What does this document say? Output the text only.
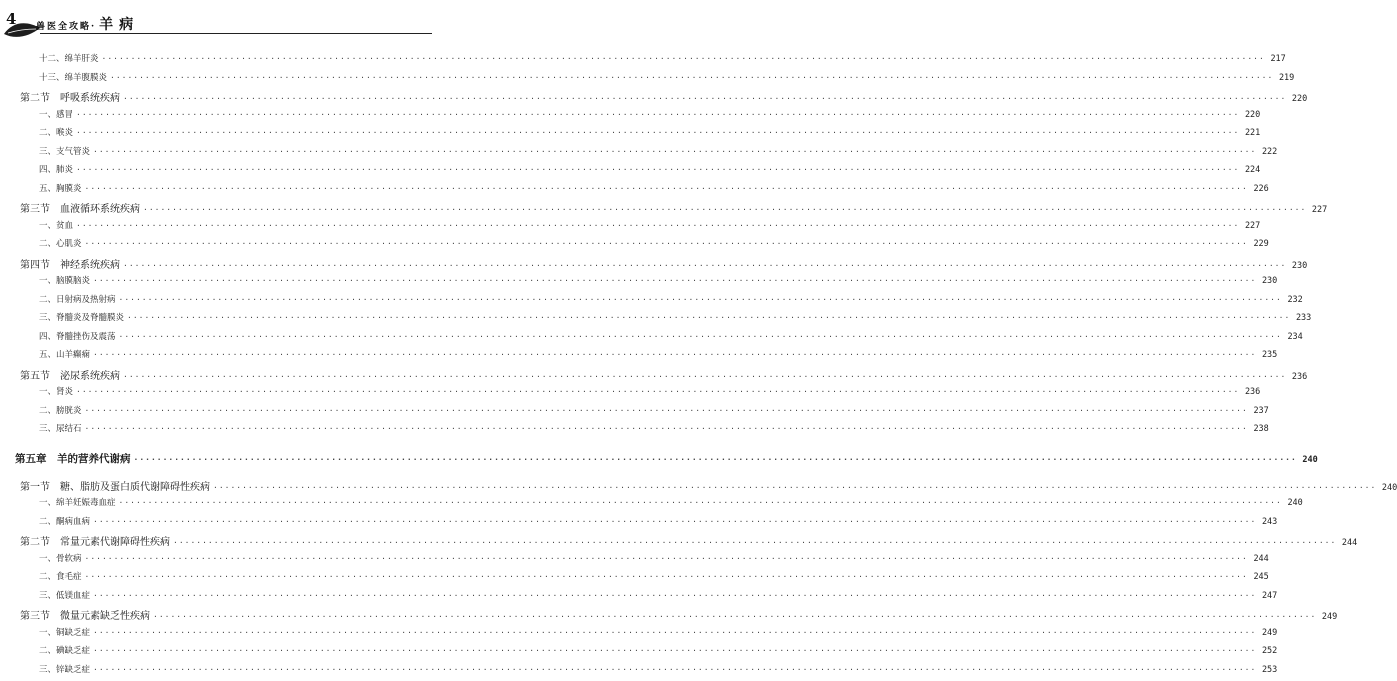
4 兽医全攻略· 羊病
十二、绵羊肝炎 ········································································································································································································ 217
十三、绵羊腹膜炎 ········································································································································································································ 219
第二节　呼吸系统疾病 ········································································································································································································ 220
一、感冒 ········································································································································································································ 220
二、喉炎 ········································································································································································································ 221
三、支气管炎 ········································································································································································································ 222
四、肺炎 ········································································································································································································ 224
五、胸膜炎 ········································································································································································································ 226
第三节　血液循环系统疾病 ········································································································································································································ 227
一、贫血 ········································································································································································································ 227
二、心肌炎 ········································································································································································································ 229
第四节　神经系统疾病 ········································································································································································································ 230
一、脑膜脑炎 ········································································································································································································ 230
二、日射病及热射病 ········································································································································································································ 232
三、脊髓炎及脊髓膜炎 ········································································································································································································ 233
四、脊髓挫伤及震荡 ········································································································································································································ 234
五、山羊癫痫 ········································································································································································································ 235
第五节　泌尿系统疾病 ········································································································································································································ 236
一、肾炎 ········································································································································································································ 236
二、膀胱炎 ········································································································································································································ 237
三、尿结石 ········································································································································································································ 238
第五章　羊的营养代谢病 ········································································································································································································ 240
第一节　糖、脂肪及蛋白质代谢障碍性疾病 ········································································································································································································ 240
一、绵羊妊娠毒血症 ········································································································································································································ 240
二、酮病血病 ········································································································································································································ 243
第二节　常量元素代谢障碍性疾病 ········································································································································································································ 244
一、骨软病 ········································································································································································································ 244
二、食毛症 ········································································································································································································ 245
三、低镁血症 ········································································································································································································ 247
第三节　微量元素缺乏性疾病 ········································································································································································································ 249
一、铜缺乏症 ········································································································································································································ 249
二、碘缺乏症 ········································································································································································································ 252
三、锌缺乏症 ········································································································································································································ 253
